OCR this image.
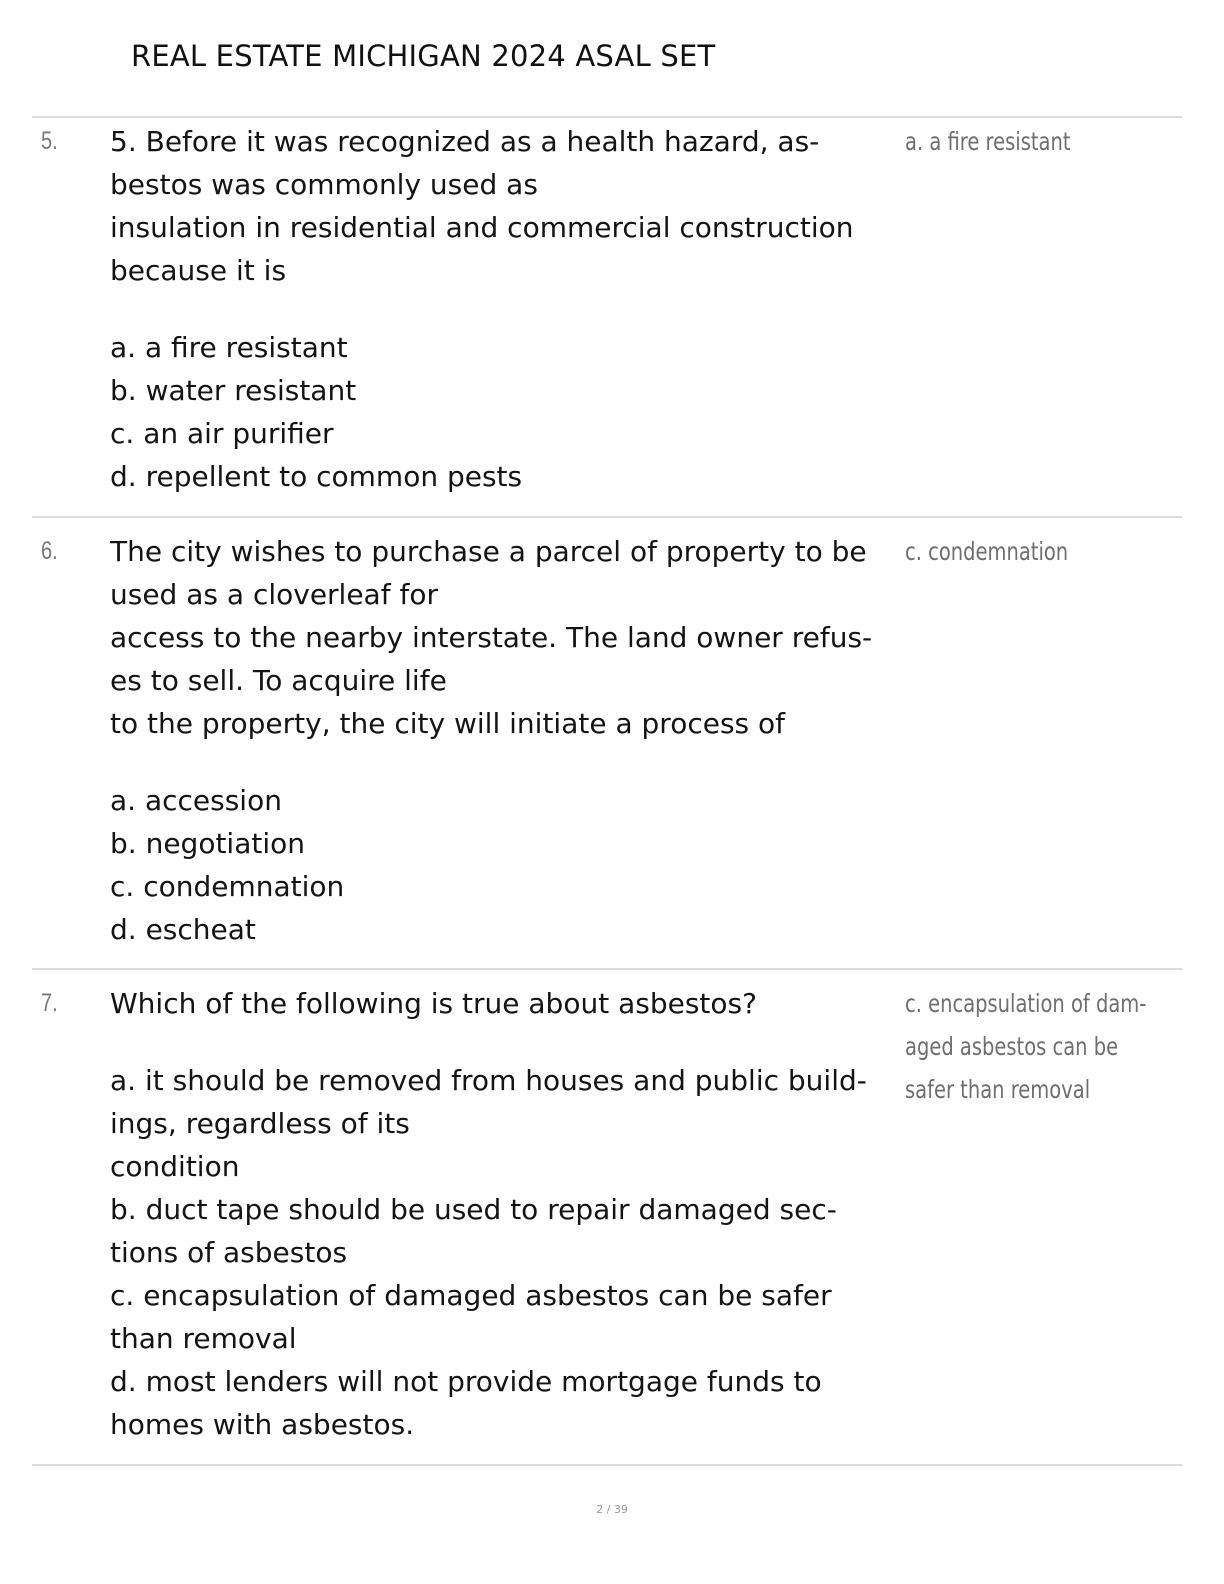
REAL ESTATE MICHIGAN 2024 ASAL SET
5. 5. Before it was recognized as a health hazard, as-
bestos was commonly used as
insulation in residential and commercial construction
because it is
a. a fire resistant
b. water resistant
c. an air purifier
d. repellent to common pests
a. a fire resistant
6. The city wishes to purchase a parcel of property to be
used as a cloverleaf for
access to the nearby interstate. The land owner refus-
es to sell. To acquire life
to the property, the city will initiate a process of
a. accession
b. negotiation
c. condemnation
d. escheat
c. condemnation
7. Which of the following is true about asbestos?
a. it should be removed from houses and public build-
ings, regardless of its
condition
b. duct tape should be used to repair damaged sec-
tions of asbestos
c. encapsulation of damaged asbestos can be safer
than removal
d. most lenders will not provide mortgage funds to
homes with asbestos.
c. encapsulation of dam-
aged asbestos can be
safer than removal
2 / 39
